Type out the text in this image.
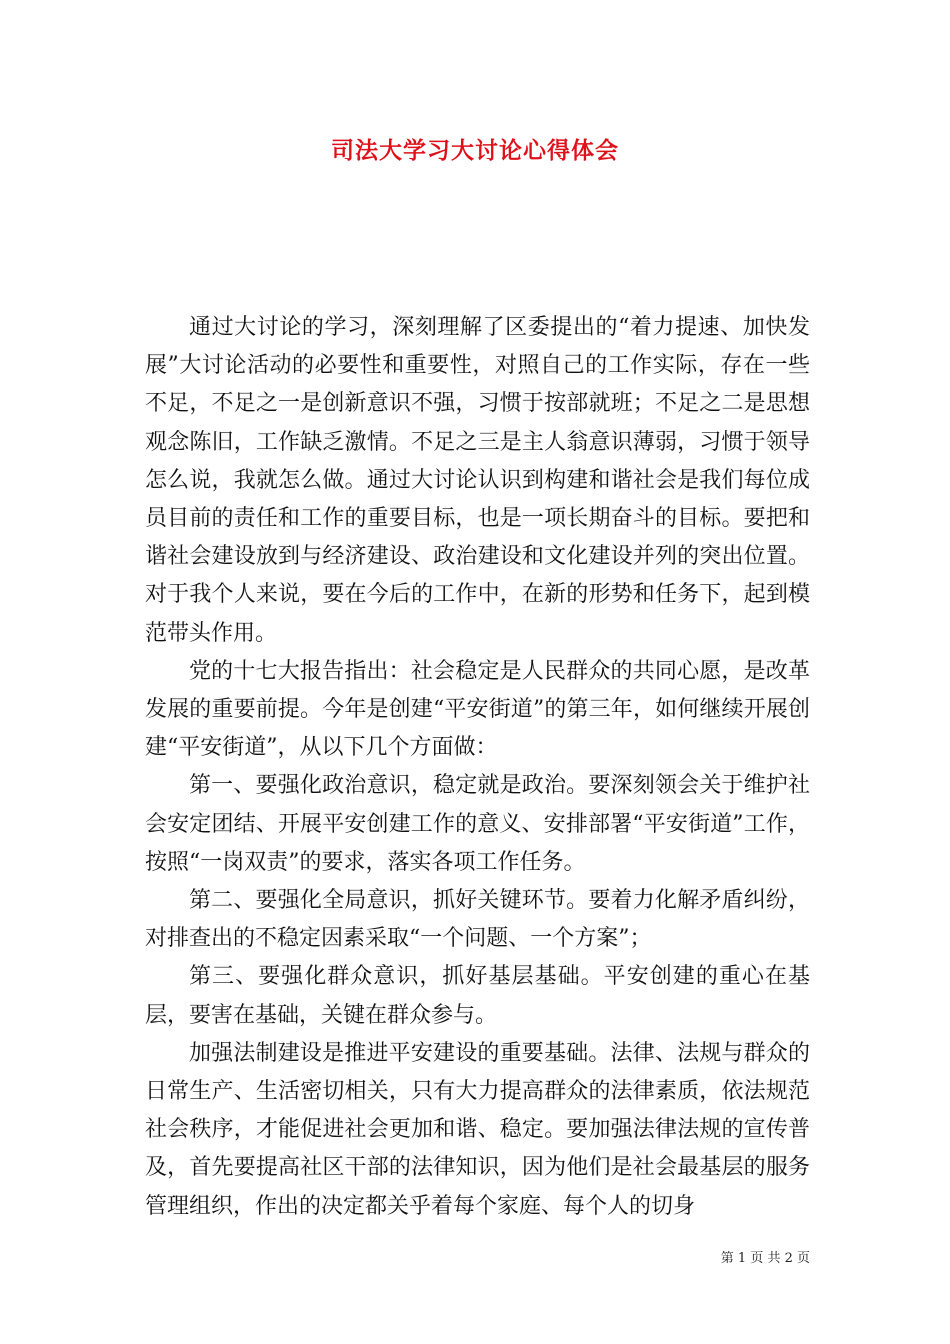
司法大学习大讨论心得体会

通过大讨论的学习，深刻理解了区委提出的“着力提速、加快发展”大讨论活动的必要性和重要性，对照自己的工作实际，存在一些不足，不足之一是创新意识不强，习惯于按部就班；不足之二是思想观念陈旧，工作缺乏激情。不足之三是主人翁意识薄弱，习惯于领导怎么说，我就怎么做。通过大讨论认识到构建和谐社会是我们每位成员目前的责任和工作的重要目标，也是一项长期奋斗的目标。要把和谐社会建设放到与经济建设、政治建设和文化建设并列的突出位置。对于我个人来说，要在今后的工作中，在新的形势和任务下，起到模范带头作用。

党的十七大报告指出：社会稳定是人民群众的共同心愿，是改革发展的重要前提。今年是创建“平安街道”的第三年，如何继续开展创建“平安街道”，从以下几个方面做：

第一、要强化政治意识，稳定就是政治。要深刻领会关于维护社会安定团结、开展平安创建工作的意义、安排部署“平安街道”工作，按照“一岗双责”的要求，落实各项工作任务。

第二、要强化全局意识，抓好关键环节。要着力化解矛盾纠纷，对排查出的不稳定因素采取“一个问题、一个方案”；

第三、要强化群众意识，抓好基层基础。平安创建的重心在基层，要害在基础，关键在群众参与。

加强法制建设是推进平安建设的重要基础。法律、法规与群众的日常生产、生活密切相关，只有大力提高群众的法律素质，依法规范社会秩序，才能促进社会更加和谐、稳定。要加强法律法规的宣传普及，首先要提高社区干部的法律知识，因为他们是社会最基层的服务管理组织，作出的决定都关乎着每个家庭、每个人的切身

第 1 页 共 2 页
